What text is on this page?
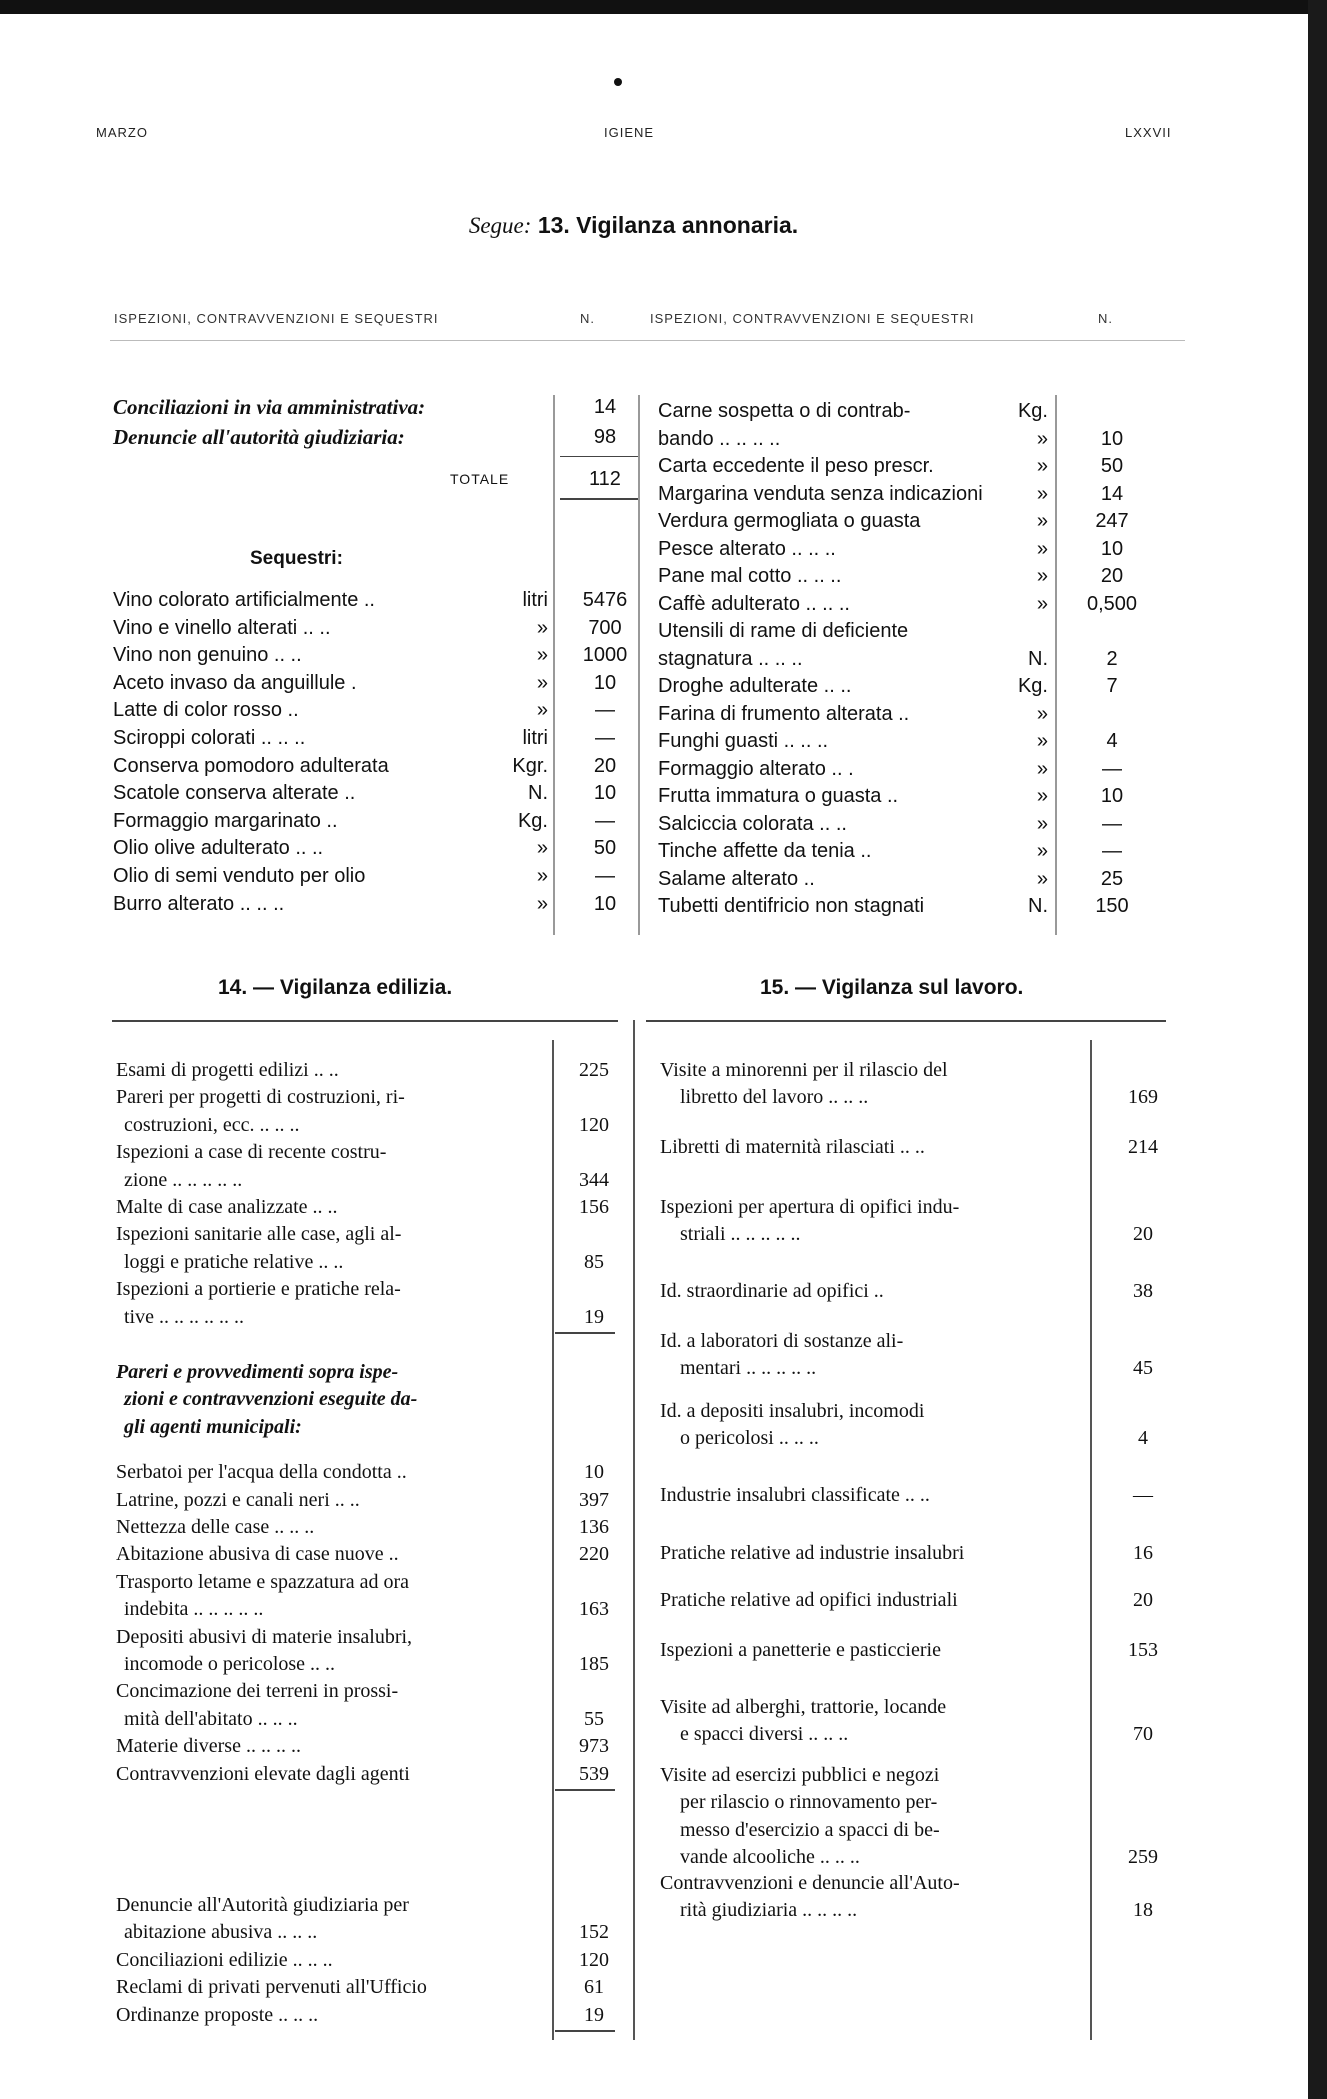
MARZO	IGIENE	LXXVII
Segue: 13. Vigilanza annonaria.
ISPEZIONI, CONTRAVVENZIONI E SEQUESTRI	N.	ISPEZIONI, CONTRAVVENZIONI E SEQUESTRI	N.
Conciliazioni in via amministrativa:	14
Denuncie all'autorità giudiziaria:	98
TOTALE	112
Sequestri:
Vino colorato artificialmente ..	litri	5476
Vino e vinello alterati .. ..	»	700
Vino non genuino .. ..	»	1000
Aceto invaso da anguillule .	»	10
Latte di color rosso ..	»	—
Sciroppi colorati .. .. ..	litri	—
Conserva pomodoro adulterata	Kgr.	20
Scatole conserva alterate ..	N.	10
Formaggio margarinato ..	Kg.	—
Olio olive adulterato .. ..	»	50
Olio di semi venduto per olio	»	—
Burro alterato .. .. ..	»	10
Carne sospetta o di contrab-	Kg.
bando .. .. .. ..	»	10
Carta eccedente il peso prescr.	»	50
Margarina venduta senza indicazioni	»	14
Verdura germogliata o guasta	»	247
Pesce alterato .. .. ..	»	10
Pane mal cotto .. .. ..	»	20
Caffè adulterato .. .. ..	»	0,500
Utensili di rame di deficiente
stagnatura .. .. ..	N.	2
Droghe adulterate .. ..	Kg.	7
Farina di frumento alterata ..	»
Funghi guasti .. .. ..	»	4
Formaggio alterato .. .	»	—
Frutta immatura o guasta ..	»	10
Salciccia colorata .. ..	»	—
Tinche affette da tenia ..	»	—
Salame alterato ..	»	25
Tubetti dentifricio non stagnati	N.	150
14. — Vigilanza edilizia.	15. — Vigilanza sul lavoro.
Esami di progetti edilizi .. ..	225
Pareri per progetti di costruzioni, ri-
costruzioni, ecc. .. .. ..	120
Ispezioni a case di recente costru-
zione .. .. .. .. ..	344
Malte di case analizzate .. ..	156
Ispezioni sanitarie alle case, agli al-
loggi e pratiche relative .. ..	85
Ispezioni a portierie e pratiche rela-
tive .. .. .. .. .. ..	19
Pareri e provvedimenti sopra ispe-
zioni e contravvenzioni eseguite da-
gli agenti municipali:
Serbatoi per l'acqua della condotta ..	10
Latrine, pozzi e canali neri .. ..	397
Nettezza delle case .. .. ..	136
Abitazione abusiva di case nuove ..	220
Trasporto letame e spazzatura ad ora
indebita .. .. .. .. ..	163
Depositi abusivi di materie insalubri,
incomode o pericolose .. ..	185
Concimazione dei terreni in prossi-
mità dell'abitato .. .. ..	55
Materie diverse .. .. .. ..	973
Contravvenzioni elevate dagli agenti	539
Denuncie all'Autorità giudiziaria per
abitazione abusiva .. .. ..	152
Conciliazioni edilizie .. .. ..	120
Reclami di privati pervenuti all'Ufficio	61
Ordinanze proposte .. .. ..	19
Visite a minorenni per il rilascio del
libretto del lavoro .. .. ..	169
Libretti di maternità rilasciati .. ..	214
Ispezioni per apertura di opifici indu-
striali .. .. .. .. ..	20
Id. straordinarie ad opifici ..	38
Id. a laboratori di sostanze ali-
mentari .. .. .. .. ..	45
Id. a depositi insalubri, incomodi
o pericolosi .. .. ..	4
Industrie insalubri classificate .. ..	—
Pratiche relative ad industrie insalubri	16
Pratiche relative ad opifici industriali	20
Ispezioni a panetterie e pasticcierie	153
Visite ad alberghi, trattorie, locande
e spacci diversi .. .. ..	70
Visite ad esercizi pubblici e negozi
per rilascio o rinnovamento per-
messo d'esercizio a spacci di be-
vande alcooliche .. .. ..	259
Contravvenzioni e denuncie all'Auto-
rità giudiziaria .. .. .. ..	18
